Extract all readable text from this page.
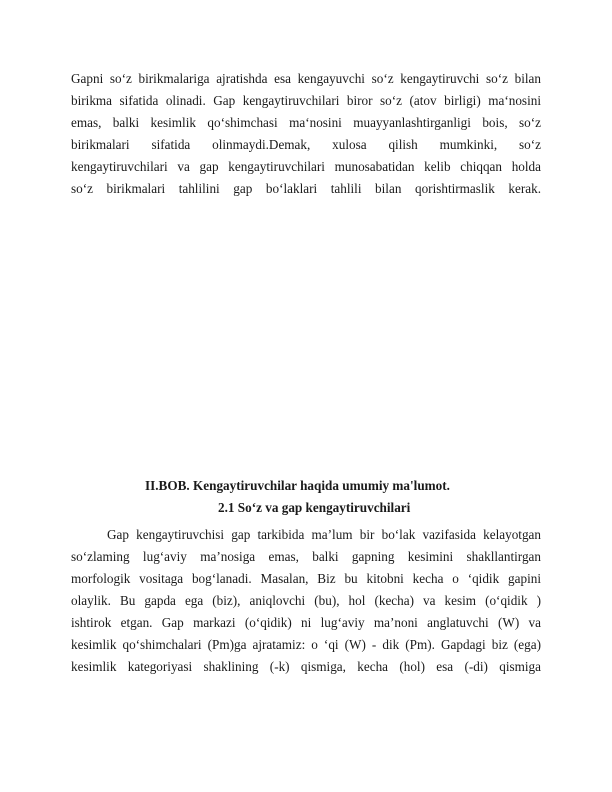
Gapni so‘z birikmalariga ajratishda esa kengayuvchi so‘z kengaytiruvchi so‘z bilan
birikma sifatida olinadi. Gap kengaytiruvchilari biror so‘z (atov birligi) ma‘nosini
emas, balki kesimlik qo‘shimchasi ma‘nosini muayyanlashtirganligi bois, so‘z
birikmalari sifatida olinmaydi.Demak, xulosa qilish mumkinki, so‘z
kengaytiruvchilari va gap kengaytiruvchilari munosabatidan kelib chiqqan holda
so‘z birikmalari tahlilini gap bo‘laklari tahlili bilan qorishtirmaslik kerak.
II.BOB. Kengaytiruvchilar haqida umumiy ma'lumot.
2.1 So‘z va gap kengaytiruvchilari
Gap kengaytiruvchisi gap tarkibida ma’lum bir bo‘lak vazifasida kelayotgan
so‘zlaming lug‘aviy ma’nosiga emas, balki gapning kesimini shakllantirgan
morfologik vositaga bog‘lanadi. Masalan, Biz bu kitobni kecha o ‘qidik gapini
olaylik. Bu gapda ega (biz), aniqlovchi (bu), hol (kecha) va kesim (o‘qidik )
ishtirok etgan. Gap markazi (o‘qidik) ni lug‘aviy ma’noni anglatuvchi (W) va
kesimlik qo‘shimchalari (Pm)ga ajratamiz: o ‘qi (W) - dik (Pm). Gapdagi biz (ega)
kesimlik kategoriyasi shaklining (-k) qismiga, kecha (hol) esa (-di) qismiga
